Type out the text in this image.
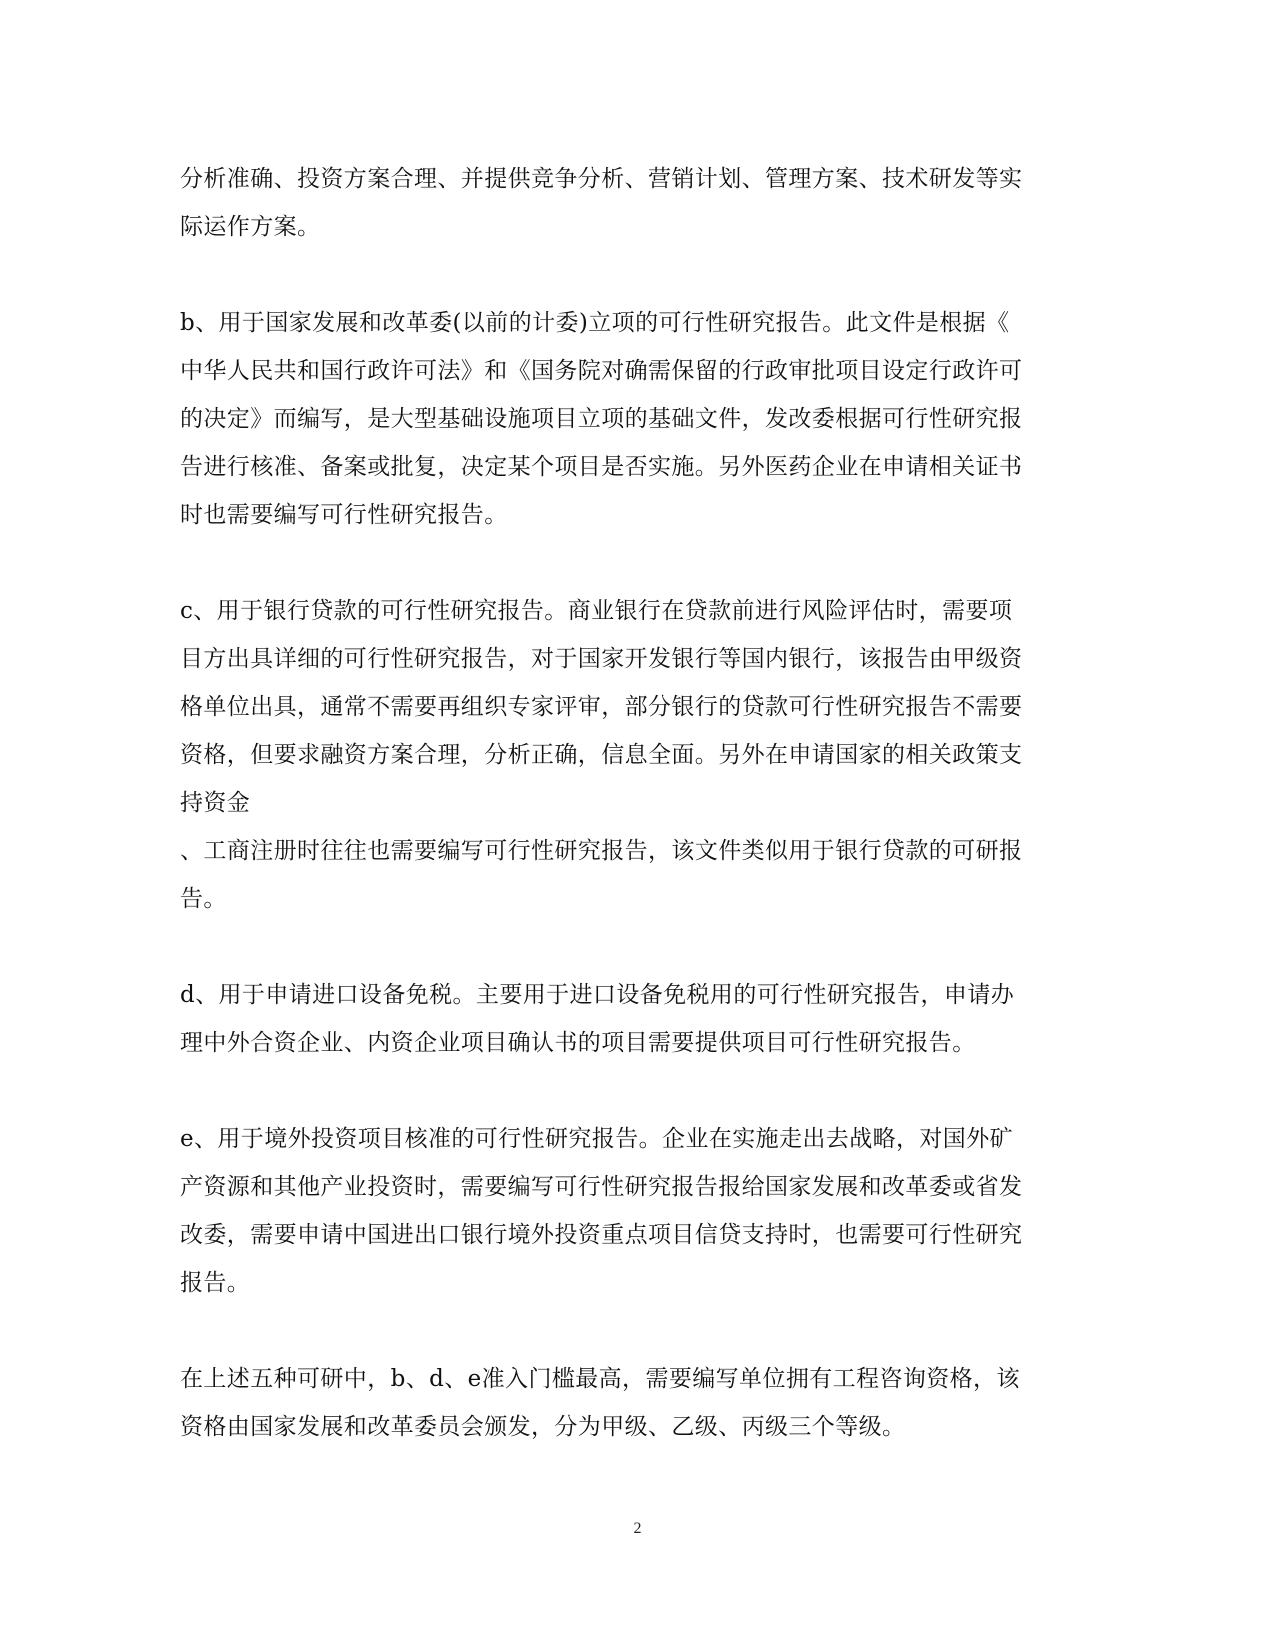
分析准确、投资方案合理、并提供竞争分析、营销计划、管理方案、技术研发等实
际运作方案。
b、用于国家发展和改革委(以前的计委)立项的可行性研究报告。此文件是根据《
中华人民共和国行政许可法》和《国务院对确需保留的行政审批项目设定行政许可
的决定》而编写，是大型基础设施项目立项的基础文件，发改委根据可行性研究报
告进行核准、备案或批复，决定某个项目是否实施。另外医药企业在申请相关证书
时也需要编写可行性研究报告。
c、用于银行贷款的可行性研究报告。商业银行在贷款前进行风险评估时，需要项
目方出具详细的可行性研究报告，对于国家开发银行等国内银行，该报告由甲级资
格单位出具，通常不需要再组织专家评审，部分银行的贷款可行性研究报告不需要
资格，但要求融资方案合理，分析正确，信息全面。另外在申请国家的相关政策支
持资金
、工商注册时往往也需要编写可行性研究报告，该文件类似用于银行贷款的可研报
告。
d、用于申请进口设备免税。主要用于进口设备免税用的可行性研究报告，申请办
理中外合资企业、内资企业项目确认书的项目需要提供项目可行性研究报告。
e、用于境外投资项目核准的可行性研究报告。企业在实施走出去战略，对国外矿
产资源和其他产业投资时，需要编写可行性研究报告报给国家发展和改革委或省发
改委，需要申请中国进出口银行境外投资重点项目信贷支持时，也需要可行性研究
报告。
在上述五种可研中，b、d、e准入门槛最高，需要编写单位拥有工程咨询资格，该
资格由国家发展和改革委员会颁发，分为甲级、乙级、丙级三个等级。
2
